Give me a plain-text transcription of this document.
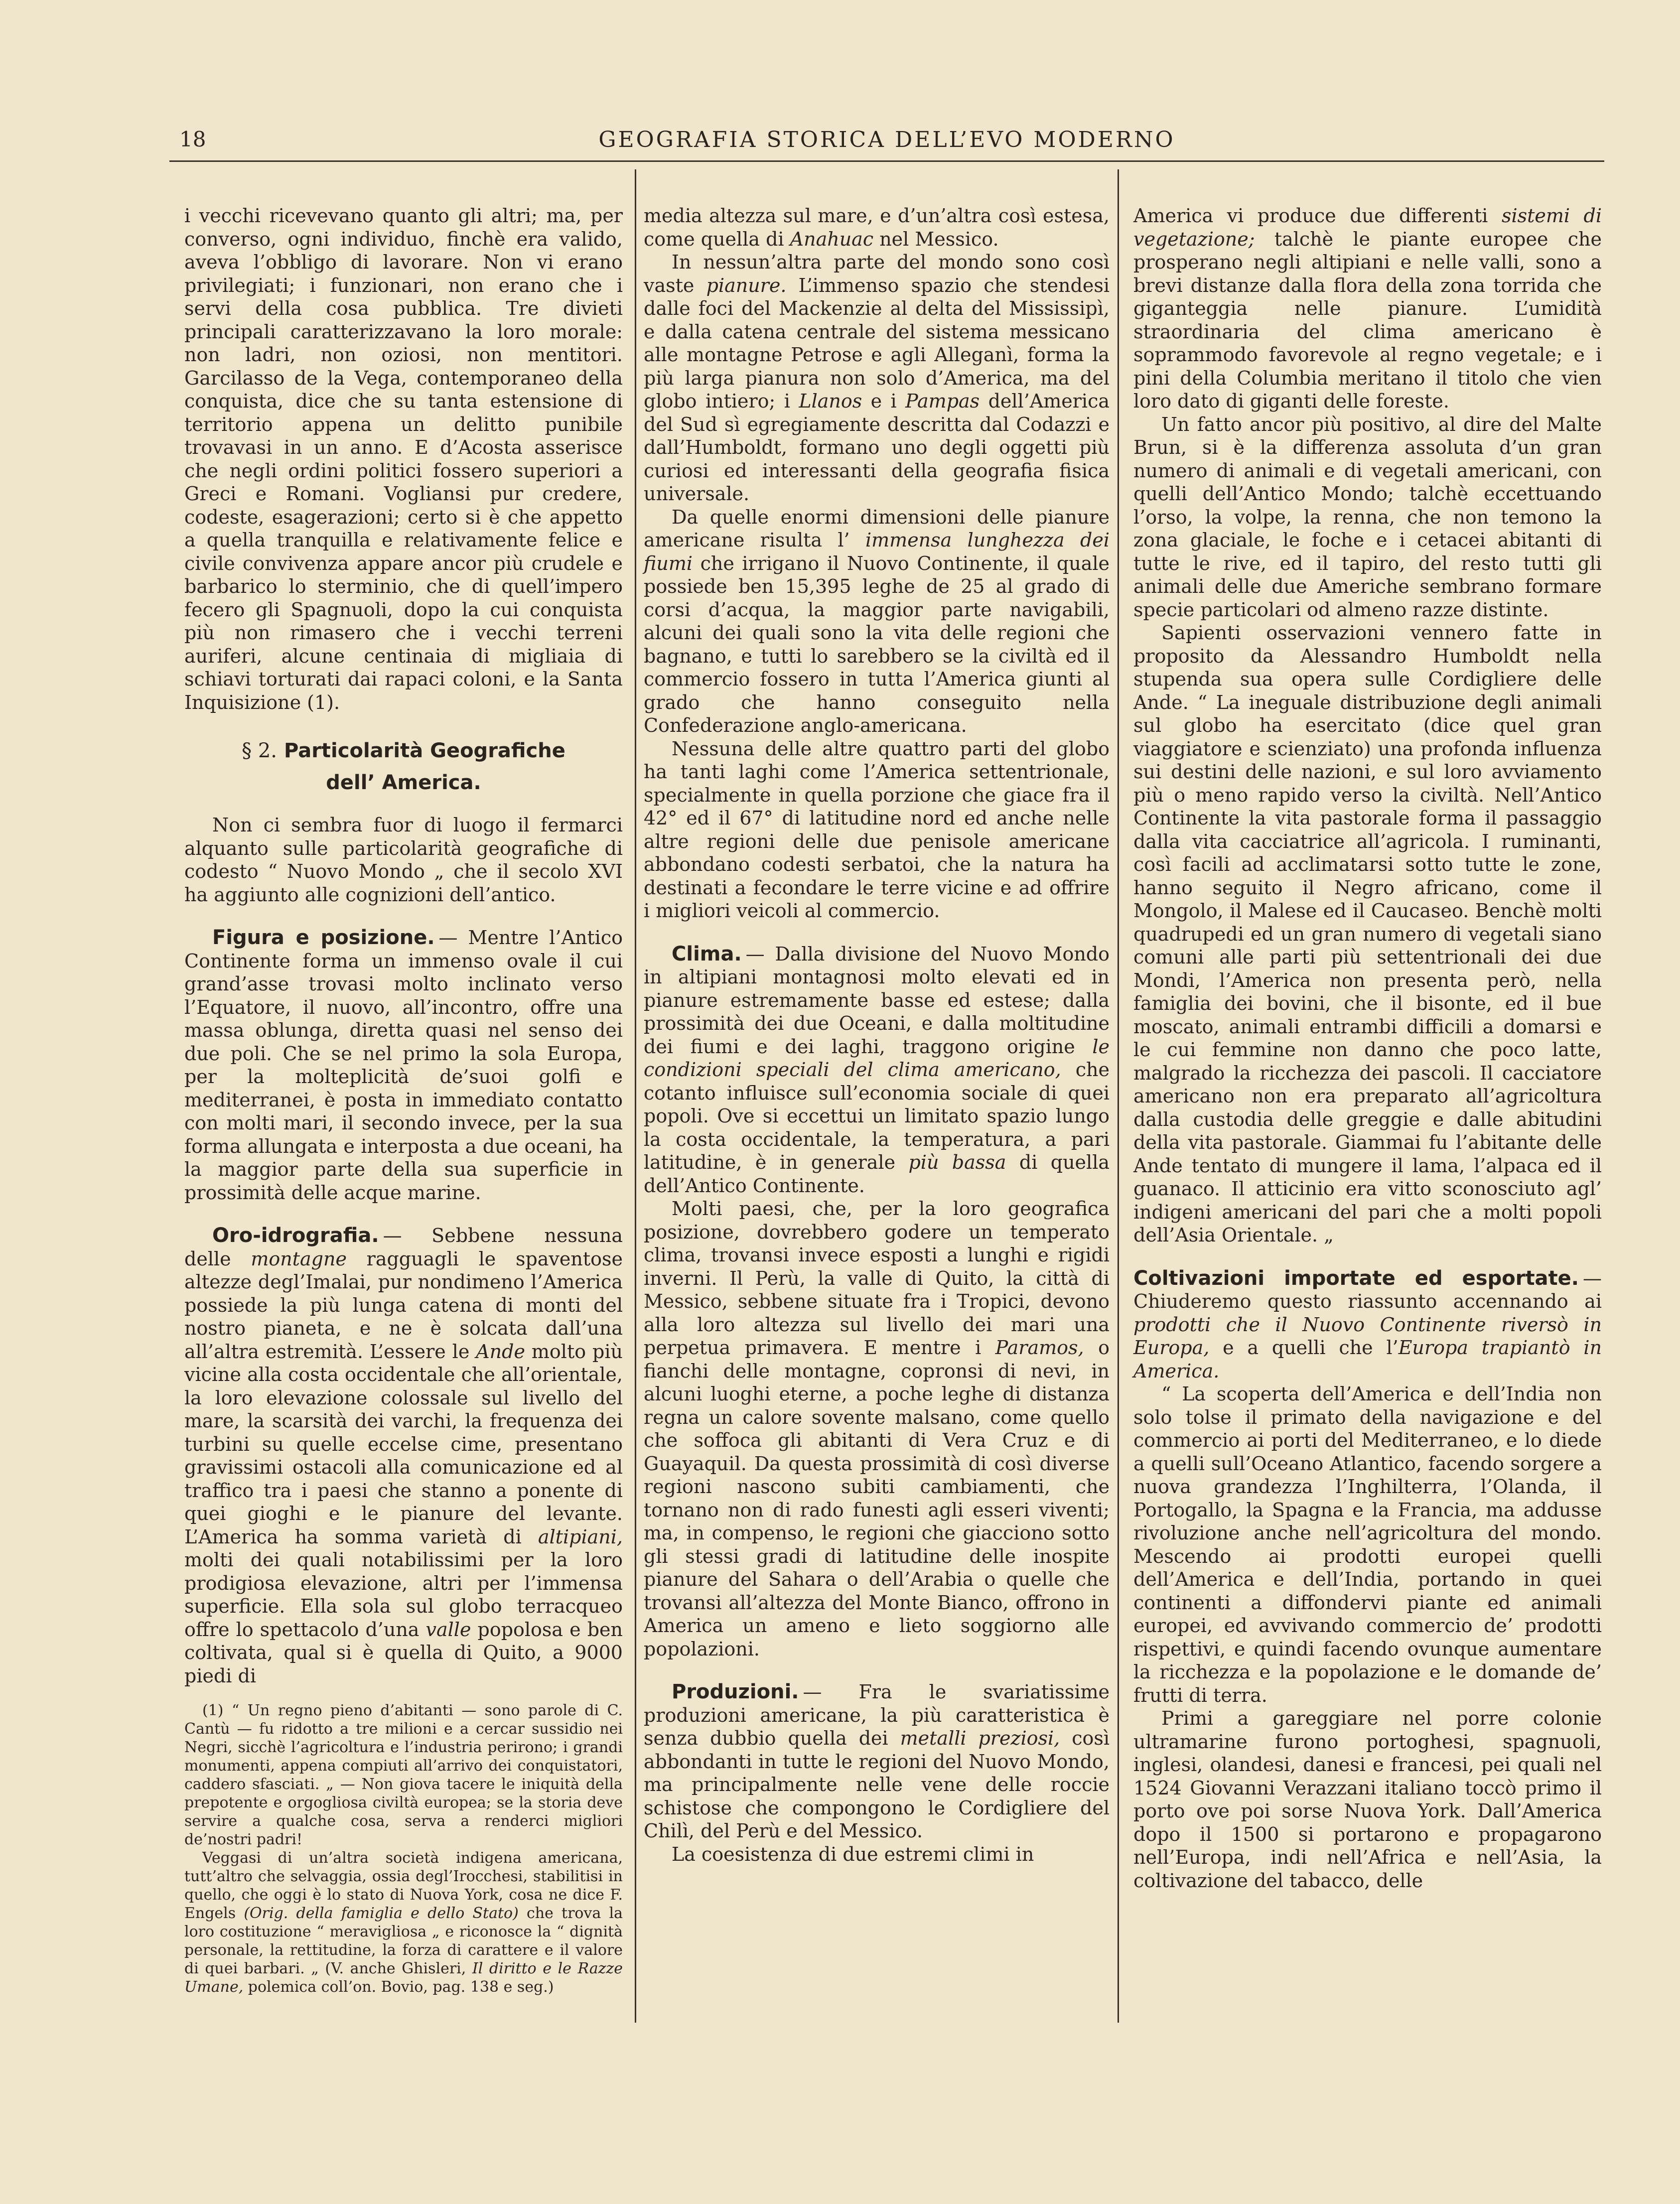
18	GEOGRAFIA STORICA DELL’EVO MODERNO

i vecchi ricevevano quanto gli altri; ma, per converso, ogni individuo, finchè era valido, aveva l’obbligo di lavorare. Non vi erano privilegiati; i funzionari, non erano che i servi della cosa pubblica. Tre divieti principali caratterizzavano la loro morale: non ladri, non oziosi, non mentitori. Garcilasso de la Vega, contemporaneo della conquista, dice che su tanta estensione di territorio appena un delitto punibile trovavasi in un anno. E d’Acosta asserisce che negli ordini politici fossero superiori a Greci e Romani. Vogliansi pur credere, codeste, esagerazioni; certo si è che appetto a quella tranquilla e relativamente felice e civile convivenza appare ancor più crudele e barbarico lo sterminio, che di quell’impero fecero gli Spagnuoli, dopo la cui conquista più non rimasero che i vecchi terreni auriferi, alcune centinaia di migliaia di schiavi torturati dai rapaci coloni, e la Santa Inquisizione (1).

§ 2. Particolarità Geografiche
dell’ America.

Non ci sembra fuor di luogo il fermarci alquanto sulle particolarità geografiche di codesto “ Nuovo Mondo „ che il secolo XVI ha aggiunto alle cognizioni dell’antico.

Figura e posizione. — Mentre l’Antico Continente forma un immenso ovale il cui grand’asse trovasi molto inclinato verso l’Equatore, il nuovo, all’incontro, offre una massa oblunga, diretta quasi nel senso dei due poli. Che se nel primo la sola Europa, per la molteplicità de’suoi golfi e mediterranei, è posta in immediato contatto con molti mari, il secondo invece, per la sua forma allungata e interposta a due oceani, ha la maggior parte della sua superficie in prossimità delle acque marine.

Oro-idrografia. — Sebbene nessuna delle montagne ragguagli le spaventose altezze degl’Imalai, pur nondimeno l’America possiede la più lunga catena di monti del nostro pianeta, e ne è solcata dall’una all’altra estremità. L’essere le Ande molto più vicine alla costa occidentale che all’orientale, la loro elevazione colossale sul livello del mare, la scarsità dei varchi, la frequenza dei turbini su quelle eccelse cime, presentano gravissimi ostacoli alla comunicazione ed al traffico tra i paesi che stanno a ponente di quei gioghi e le pianure del levante. L’America ha somma varietà di altipiani, molti dei quali notabilissimi per la loro prodigiosa elevazione, altri per l’immensa superficie. Ella sola sul globo terracqueo offre lo spettacolo d’una valle popolosa e ben coltivata, qual si è quella di Quito, a 9000 piedi di

(1) “ Un regno pieno d’abitanti — sono parole di C. Cantù — fu ridotto a tre milioni e a cercar sussidio nei Negri, sicchè l’agricoltura e l’industria perirono; i grandi monumenti, appena compiuti all’arrivo dei conquistatori, caddero sfasciati. „ — Non giova tacere le iniquità della prepotente e orgogliosa civiltà europea; se la storia deve servire a qualche cosa, serva a renderci migliori de’nostri padri!

Veggasi di un’altra società indigena americana, tutt’altro che selvaggia, ossia degl’Irocchesi, stabilitisi in quello, che oggi è lo stato di Nuova York, cosa ne dice F. Engels (Orig. della famiglia e dello Stato) che trova la loro costituzione “ meravigliosa „ e riconosce la “ dignità personale, la rettitudine, la forza di carattere e il valore di quei barbari. „ (V. anche Ghisleri, Il diritto e le Razze Umane, polemica coll’on. Bovio, pag. 138 e seg.)

media altezza sul mare, e d’un’altra così estesa, come quella di Anahuac nel Messico.

In nessun’altra parte del mondo sono così vaste pianure. L’immenso spazio che stendesi dalle foci del Mackenzie al delta del Mississipì, e dalla catena centrale del sistema messicano alle montagne Petrose e agli Alleganì, forma la più larga pianura non solo d’America, ma del globo intiero; i Llanos e i Pampas dell’America del Sud sì egregiamente descritta dal Codazzi e dall’Humboldt, formano uno degli oggetti più curiosi ed interessanti della geografia fisica universale.

Da quelle enormi dimensioni delle pianure americane risulta l’ immensa lunghezza dei fiumi che irrigano il Nuovo Continente, il quale possiede ben 15,395 leghe de 25 al grado di corsi d’acqua, la maggior parte navigabili, alcuni dei quali sono la vita delle regioni che bagnano, e tutti lo sarebbero se la civiltà ed il commercio fossero in tutta l’America giunti al grado che hanno conseguito nella Confederazione anglo-americana.

Nessuna delle altre quattro parti del globo ha tanti laghi come l’America settentrionale, specialmente in quella porzione che giace fra il 42° ed il 67° di latitudine nord ed anche nelle altre regioni delle due penisole americane abbondano codesti serbatoi, che la natura ha destinati a fecondare le terre vicine e ad offrire i migliori veicoli al commercio.

Clima. — Dalla divisione del Nuovo Mondo in altipiani montagnosi molto elevati ed in pianure estremamente basse ed estese; dalla prossimità dei due Oceani, e dalla moltitudine dei fiumi e dei laghi, traggono origine le condizioni speciali del clima americano, che cotanto influisce sull’economia sociale di quei popoli. Ove si eccettui un limitato spazio lungo la costa occidentale, la temperatura, a pari latitudine, è in generale più bassa di quella dell’Antico Continente.

Molti paesi, che, per la loro geografica posizione, dovrebbero godere un temperato clima, trovansi invece esposti a lunghi e rigidi inverni. Il Perù, la valle di Quito, la città di Messico, sebbene situate fra i Tropici, devono alla loro altezza sul livello dei mari una perpetua primavera. E mentre i Paramos, o fianchi delle montagne, copronsi di nevi, in alcuni luoghi eterne, a poche leghe di distanza regna un calore sovente malsano, come quello che soffoca gli abitanti di Vera Cruz e di Guayaquil. Da questa prossimità di così diverse regioni nascono subiti cambiamenti, che tornano non di rado funesti agli esseri viventi; ma, in compenso, le regioni che giacciono sotto gli stessi gradi di latitudine delle inospite pianure del Sahara o dell’Arabia o quelle che trovansi all’altezza del Monte Bianco, offrono in America un ameno e lieto soggiorno alle popolazioni.

Produzioni. — Fra le svariatissime produzioni americane, la più caratteristica è senza dubbio quella dei metalli preziosi, così abbondanti in tutte le regioni del Nuovo Mondo, ma principalmente nelle vene delle roccie schistose che compongono le Cordigliere del Chilì, del Perù e del Messico.

La coesistenza di due estremi climi in

America vi produce due differenti sistemi di vegetazione; talchè le piante europee che prosperano negli altipiani e nelle valli, sono a brevi distanze dalla flora della zona torrida che giganteggia nelle pianure. L’umidità straordinaria del clima americano è soprammodo favorevole al regno vegetale; e i pini della Columbia meritano il titolo che vien loro dato di giganti delle foreste.

Un fatto ancor più positivo, al dire del Malte Brun, si è la differenza assoluta d’un gran numero di animali e di vegetali americani, con quelli dell’Antico Mondo; talchè eccettuando l’orso, la volpe, la renna, che non temono la zona glaciale, le foche e i cetacei abitanti di tutte le rive, ed il tapiro, del resto tutti gli animali delle due Americhe sembrano formare specie particolari od almeno razze distinte.

Sapienti osservazioni vennero fatte in proposito da Alessandro Humboldt nella stupenda sua opera sulle Cordigliere delle Ande. “ La ineguale distribuzione degli animali sul globo ha esercitato (dice quel gran viaggiatore e scienziato) una profonda influenza sui destini delle nazioni, e sul loro avviamento più o meno rapido verso la civiltà. Nell’Antico Continente la vita pastorale forma il passaggio dalla vita cacciatrice all’agricola. I ruminanti, così facili ad acclimatarsi sotto tutte le zone, hanno seguito il Negro africano, come il Mongolo, il Malese ed il Caucaseo. Benchè molti quadrupedi ed un gran numero di vegetali siano comuni alle parti più settentrionali dei due Mondi, l’America non presenta però, nella famiglia dei bovini, che il bisonte, ed il bue moscato, animali entrambi difficili a domarsi e le cui femmine non danno che poco latte, malgrado la ricchezza dei pascoli. Il cacciatore americano non era preparato all’agricoltura dalla custodia delle greggie e dalle abitudini della vita pastorale. Giammai fu l’abitante delle Ande tentato di mungere il lama, l’alpaca ed il guanaco. Il atticinio era vitto sconosciuto agl’ indigeni americani del pari che a molti popoli dell’Asia Orientale. „

Coltivazioni importate ed esportate. — Chiuderemo questo riassunto accennando ai prodotti che il Nuovo Continente riversò in Europa, e a quelli che l’Europa trapiantò in America.

“ La scoperta dell’America e dell’India non solo tolse il primato della navigazione e del commercio ai porti del Mediterraneo, e lo diede a quelli sull’Oceano Atlantico, facendo sorgere a nuova grandezza l’Inghilterra, l’Olanda, il Portogallo, la Spagna e la Francia, ma addusse rivoluzione anche nell’agricoltura del mondo. Mescendo ai prodotti europei quelli dell’America e dell’India, portando in quei continenti a diffondervi piante ed animali europei, ed avvivando commercio de’ prodotti rispettivi, e quindi facendo ovunque aumentare la ricchezza e la popolazione e le domande de’ frutti di terra.

Primi a gareggiare nel porre colonie ultramarine furono portoghesi, spagnuoli, inglesi, olandesi, danesi e francesi, pei quali nel 1524 Giovanni Verazzani italiano toccò primo il porto ove poi sorse Nuova York. Dall’America dopo il 1500 si portarono e propagarono nell’Europa, indi nell’Africa e nell’Asia, la coltivazione del tabacco, delle
